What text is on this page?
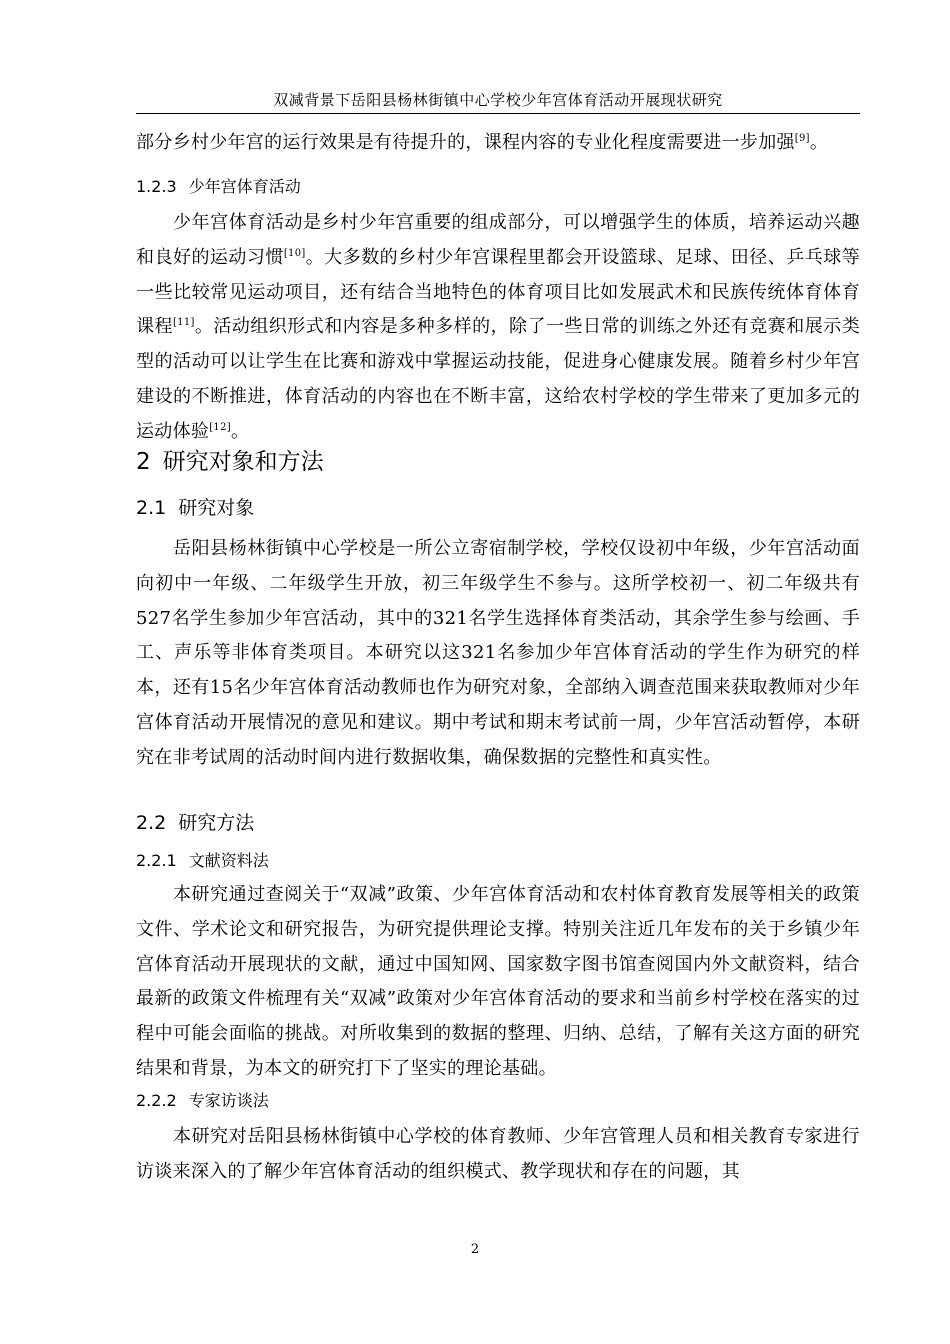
双减背景下岳阳县杨林街镇中心学校少年宫体育活动开展现状研究
部分乡村少年宫的运行效果是有待提升的，课程内容的专业化程度需要进一步加强[9]。
1.2.3 少年宫体育活动
少年宫体育活动是乡村少年宫重要的组成部分，可以增强学生的体质，培养运动兴趣和良好的运动习惯[10]。大多数的乡村少年宫课程里都会开设篮球、足球、田径、乒乓球等一些比较常见运动项目，还有结合当地特色的体育项目比如发展武术和民族传统体育体育课程[11]。活动组织形式和内容是多种多样的，除了一些日常的训练之外还有竞赛和展示类型的活动可以让学生在比赛和游戏中掌握运动技能，促进身心健康发展。随着乡村少年宫建设的不断推进，体育活动的内容也在不断丰富，这给农村学校的学生带来了更加多元的运动体验[12]。
2 研究对象和方法
2.1 研究对象
岳阳县杨林街镇中心学校是一所公立寄宿制学校，学校仅设初中年级，少年宫活动面向初中一年级、二年级学生开放，初三年级学生不参与。这所学校初一、初二年级共有527名学生参加少年宫活动，其中的321名学生选择体育类活动，其余学生参与绘画、手工、声乐等非体育类项目。本研究以这321名参加少年宫体育活动的学生作为研究的样本，还有15名少年宫体育活动教师也作为研究对象，全部纳入调查范围来获取教师对少年宫体育活动开展情况的意见和建议。期中考试和期末考试前一周，少年宫活动暂停，本研究在非考试周的活动时间内进行数据收集，确保数据的完整性和真实性。
2.2 研究方法
2.2.1 文献资料法
本研究通过查阅关于“双减”政策、少年宫体育活动和农村体育教育发展等相关的政策文件、学术论文和研究报告，为研究提供理论支撑。特别关注近几年发布的关于乡镇少年宫体育活动开展现状的文献，通过中国知网、国家数字图书馆查阅国内外文献资料，结合最新的政策文件梳理有关“双减”政策对少年宫体育活动的要求和当前乡村学校在落实的过程中可能会面临的挑战。对所收集到的数据的整理、归纳、总结，了解有关这方面的研究结果和背景，为本文的研究打下了坚实的理论基础。
2.2.2 专家访谈法
本研究对岳阳县杨林街镇中心学校的体育教师、少年宫管理人员和相关教育专家进行访谈来深入的了解少年宫体育活动的组织模式、教学现状和存在的问题，其
2
